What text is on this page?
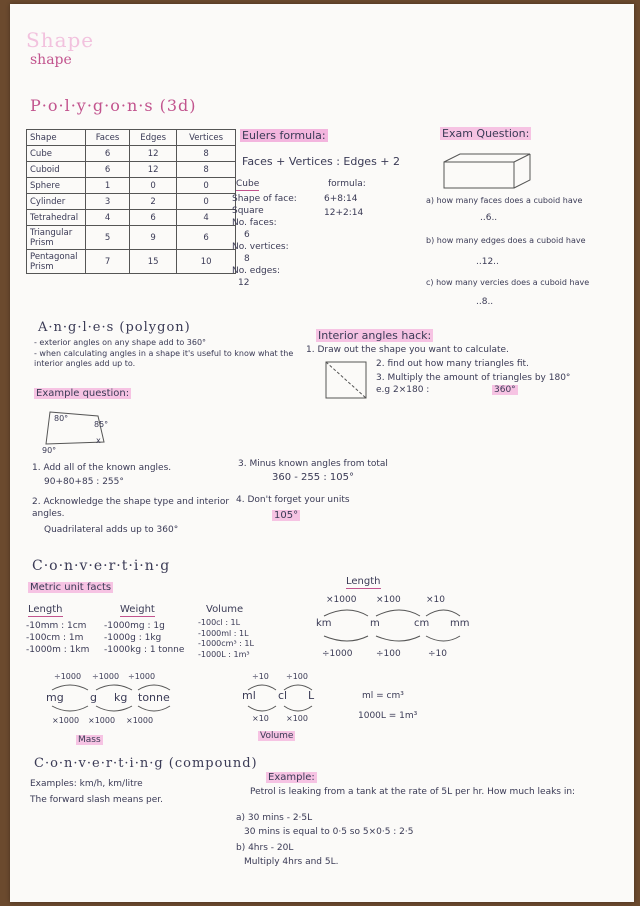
Shape
shape
P·o·l·y·g·o·n·s (3d)
Shape	Faces	Edges	Vertices
Cube	6	12	8
Cuboid	6	12	8
Sphere	1	0	0
Cylinder	3	2	0
Tetrahedral	4	6	4
Triangular Prism	5	9	6
Pentagonal Prism	7	15	10
Eulers formula:
Faces + Vertices : Edges + 2
Cube
Shape of face:
Square
No. faces:
6
No. vertices:
8
No. edges:
12
formula:
6+8:14
12+2:14
Exam Question:
a) how many faces does a cuboid have
..6..
b) how many edges does a cuboid have
..12..
c) how many vercies does a cuboid have
..8..
A·n·g·l·e·s (polygon)
- exterior angles on any shape add to 360°
- when calculating angles in a shape it's useful to know what the interior angles add up to.
Example question:
80°
85°
90°
x
1. Add all of the known angles.
90+80+85 : 255°
2. Acknowledge the shape type and interior angles.
Quadrilateral adds up to 360°
3. Minus known angles from total
360 - 255 : 105°
4. Don't forget your units
105°
Interior angles hack:
1. Draw out the shape you want to calculate.
2. find out how many triangles fit.
3. Multiply the amount of triangles by 180° e.g 2×180 :	360°
C·o·n·v·e·r·t·i·n·g
Metric unit facts
Length
-10mm : 1cm
-100cm : 1m
-1000m : 1km
Weight
-1000mg : 1g
-1000g : 1kg
-1000kg : 1 tonne
Volume
-100cl : 1L
-1000ml : 1L
-1000cm³ : 1L
-1000L : 1m³
Length
×1000 ×100	×10
km	m	cm mm
÷1000	÷100	÷10
÷1000 ÷1000 ÷1000
mg g kg tonne
×1000 ×1000 ×1000
Mass
÷10 ÷100
ml cl L
×10 ×100
Volume
ml = cm³
1000L = 1m³
C·o·n·v·e·r·t·i·n·g (compound)
Examples: km/h, km/litre
The forward slash means per.
Example:
Petrol is leaking from a tank at the rate of 5L per hr. How much leaks in:
a) 30 mins - 2·5L
30 mins is equal to 0·5 so 5×0·5 : 2·5
b) 4hrs - 20L
Multiply 4hrs and 5L.
